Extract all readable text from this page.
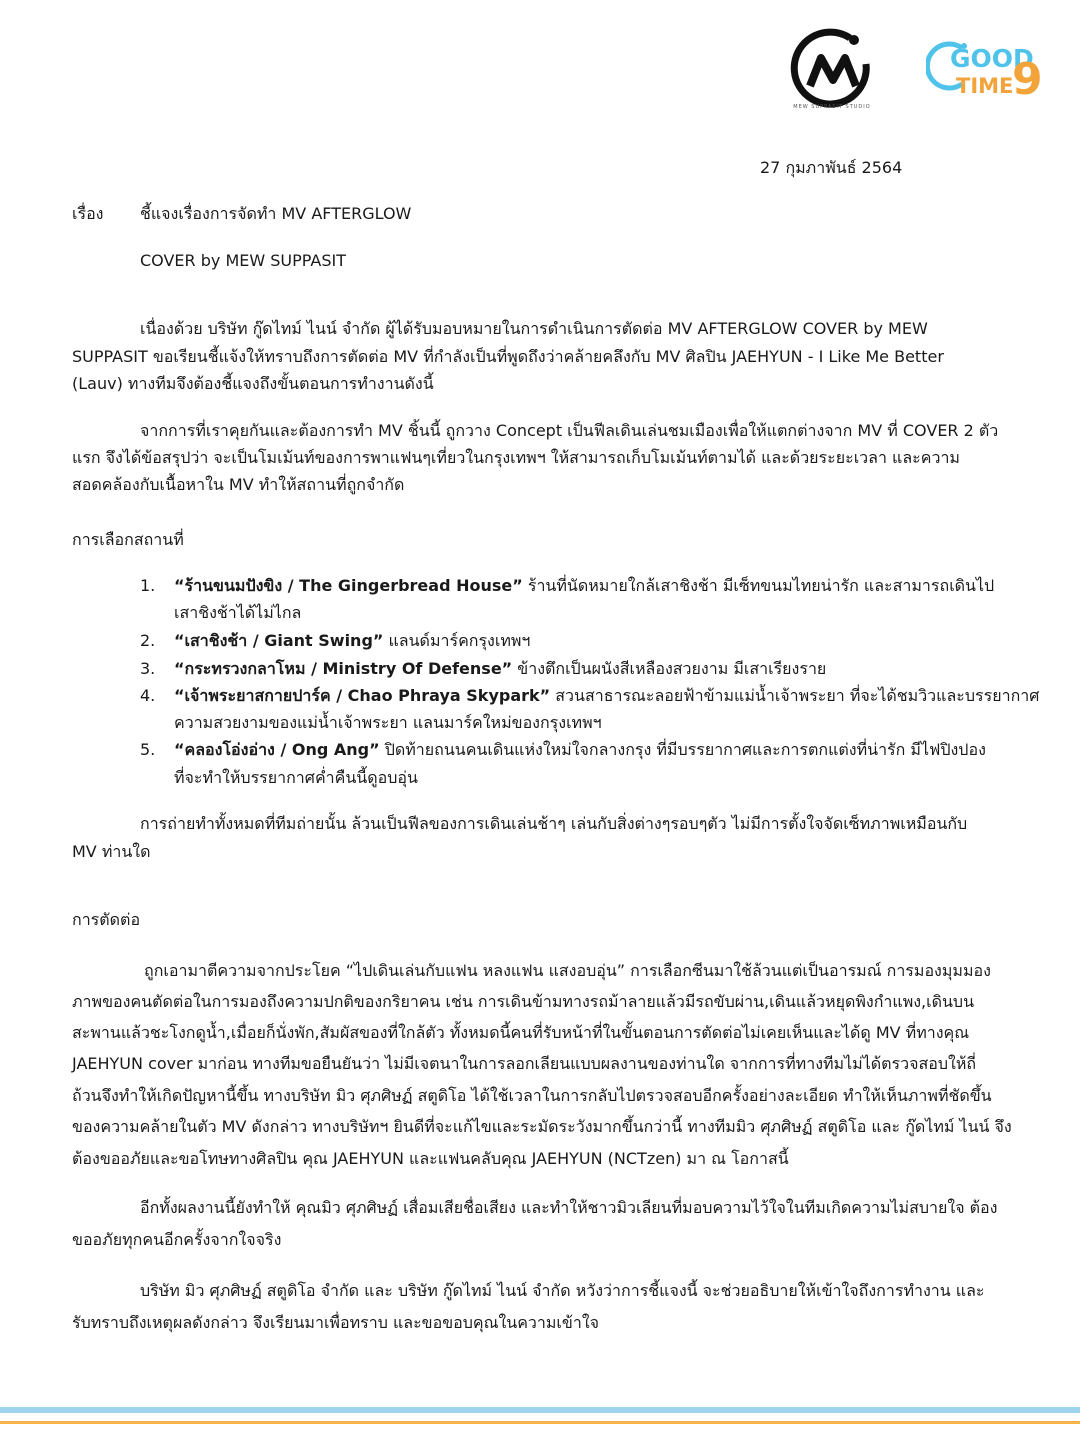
MEW SUPPASIT STUDIO
GOOD
TIME
9
27 กุมภาพันธ์ 2564
เรื่อง ชี้แจงเรื่องการจัดทำ MV AFTERGLOW
COVER by MEW SUPPASIT
เนื่องด้วย บริษัท กู๊ดไทม์ ไนน์ จำกัด ผู้ได้รับมอบหมายในการดำเนินการตัดต่อ MV AFTERGLOW COVER by MEW
SUPPASIT ขอเรียนชี้แจ้งให้ทราบถึงการตัดต่อ MV ที่กำลังเป็นที่พูดถึงว่าคล้ายคลึงกับ MV ศิลปิน JAEHYUN - I Like Me Better
(Lauv) ทางทีมจึงต้องชี้แจงถึงขั้นตอนการทำงานดังนี้
จากการที่เราคุยกันและต้องการทำ MV ชิ้นนี้ ถูกวาง Concept เป็นฟีลเดินเล่นชมเมืองเพื่อให้แตกต่างจาก MV ที่ COVER 2 ตัว
แรก จึงได้ข้อสรุปว่า จะเป็นโมเม้นท์ของการพาแฟนๆเที่ยวในกรุงเทพฯ ให้สามารถเก็บโมเม้นท์ตามได้ และด้วยระยะเวลา และความ
สอดคล้องกับเนื้อหาใน MV ทำให้สถานที่ถูกจำกัด
การเลือกสถานที่
1. “ร้านขนมปังขิง / The Gingerbread House” ร้านที่นัดหมายใกล้เสาชิงช้า มีเซ็ทขนมไทยน่ารัก และสามารถเดินไป
เสาชิงช้าได้ไม่ไกล
2. “เสาชิงช้า / Giant Swing” แลนด์มาร์คกรุงเทพฯ
3. “กระทรวงกลาโหม / Ministry Of Defense” ข้างตึกเป็นผนังสีเหลืองสวยงาม มีเสาเรียงราย
4. “เจ้าพระยาสกายปาร์ค / Chao Phraya Skypark” สวนสาธารณะลอยฟ้าข้ามแม่น้ำเจ้าพระยา ที่จะได้ชมวิวและบรรยากาศ
ความสวยงามของแม่น้ำเจ้าพระยา แลนมาร์คใหม่ของกรุงเทพฯ
5. “คลองโอ่งอ่าง / Ong Ang” ปิดท้ายถนนคนเดินแห่งใหม่ใจกลางกรุง ที่มีบรรยากาศและการตกแต่งที่น่ารัก มีไฟปิงปอง
ที่จะทำให้บรรยากาศค่ำคืนนี้ดูอบอุ่น
การถ่ายทำทั้งหมดที่ทีมถ่ายนั้น ล้วนเป็นฟีลของการเดินเล่นช้าๆ เล่นกับสิ่งต่างๆรอบๆตัว ไม่มีการตั้งใจจัดเซ็ทภาพเหมือนกับ
MV ท่านใด
การตัดต่อ
ถูกเอามาตีความจากประโยค “ไปเดินเล่นกับแฟน หลงแฟน แสงอบอุ่น” การเลือกซีนมาใช้ล้วนแต่เป็นอารมณ์ การมองมุมมอง
ภาพของคนตัดต่อในการมองถึงความปกติของกริยาคน เช่น การเดินข้ามทางรถม้าลายแล้วมีรถขับผ่าน,เดินแล้วหยุดพิงกำแพง,เดินบน
สะพานแล้วชะโงกดูน้ำ,เมื่อยก็นั่งพัก,สัมผัสของที่ใกล้ตัว ทั้งหมดนี้คนที่รับหน้าที่ในขั้นตอนการตัดต่อไม่เคยเห็นและได้ดู MV ที่ทางคุณ
JAEHYUN cover มาก่อน ทางทีมขอยืนยันว่า ไม่มีเจตนาในการลอกเลียนแบบผลงานของท่านใด จากการที่ทางทีมไม่ได้ตรวจสอบให้ถี่
ถ้วนจึงทำให้เกิดปัญหานี้ขึ้น ทางบริษัท มิว ศุภศิษฏ์ สตูดิโอ ได้ใช้เวลาในการกลับไปตรวจสอบอีกครั้งอย่างละเอียด ทำให้เห็นภาพที่ชัดขึ้น
ของความคล้ายในตัว MV ดังกล่าว ทางบริษัทฯ ยินดีที่จะแก้ไขและระมัดระวังมากขึ้นกว่านี้ ทางทีมมิว ศุภศิษฏ์ สตูดิโอ และ กู๊ดไทม์ ไนน์ จึง
ต้องขออภัยและขอโทษทางศิลปิน คุณ JAEHYUN และแฟนคลับคุณ JAEHYUN (NCTzen) มา ณ โอกาสนี้
อีกทั้งผลงานนี้ยังทำให้ คุณมิว ศุภศิษฏ์ เสื่อมเสียชื่อเสียง และทำให้ชาวมิวเลียนที่มอบความไว้ใจในทีมเกิดความไม่สบายใจ ต้อง
ขออภัยทุกคนอีกครั้งจากใจจริง
บริษัท มิว ศุภศิษฏ์ สตูดิโอ จำกัด และ บริษัท กู๊ดไทม์ ไนน์ จำกัด หวังว่าการชี้แจงนี้ จะช่วยอธิบายให้เข้าใจถึงการทำงาน และ
รับทราบถึงเหตุผลดังกล่าว จึงเรียนมาเพื่อทราบ และขอขอบคุณในความเข้าใจ
